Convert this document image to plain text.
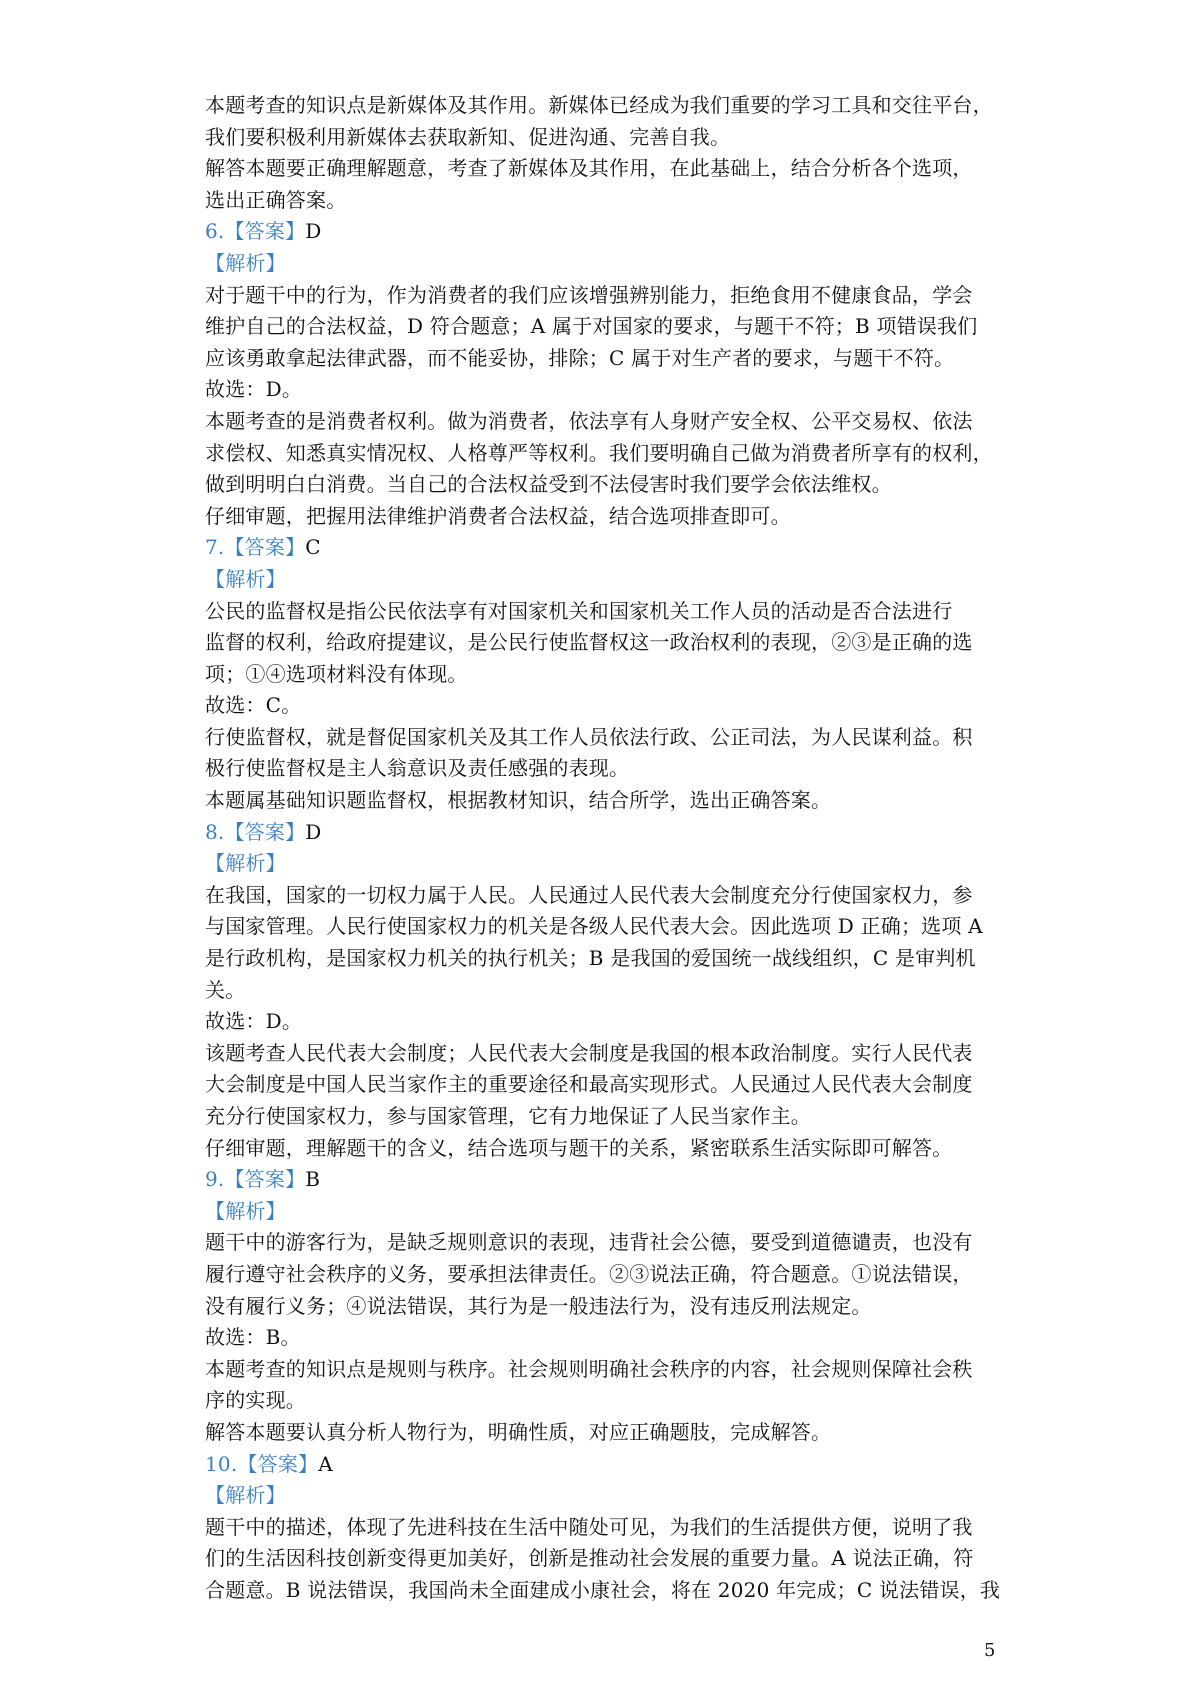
本题考查的知识点是新媒体及其作用。新媒体已经成为我们重要的学习工具和交往平台，
我们要积极利用新媒体去获取新知、促进沟通、完善自我。
解答本题要正确理解题意，考查了新媒体及其作用，在此基础上，结合分析各个选项，
选出正确答案。
6.【答案】D
【解析】
对于题干中的行为，作为消费者的我们应该增强辨别能力，拒绝食用不健康食品，学会
维护自己的合法权益，D 符合题意；A 属于对国家的要求，与题干不符；B 项错误我们
应该勇敢拿起法律武器，而不能妥协，排除；C 属于对生产者的要求，与题干不符。
故选：D。
本题考查的是消费者权利。做为消费者，依法享有人身财产安全权、公平交易权、依法
求偿权、知悉真实情况权、人格尊严等权利。我们要明确自己做为消费者所享有的权利，
做到明明白白消费。当自己的合法权益受到不法侵害时我们要学会依法维权。
仔细审题，把握用法律维护消费者合法权益，结合选项排查即可。
7.【答案】C
【解析】
公民的监督权是指公民依法享有对国家机关和国家机关工作人员的活动是否合法进行
监督的权利，给政府提建议，是公民行使监督权这一政治权利的表现，②③是正确的选
项；①④选项材料没有体现。
故选：C。
行使监督权，就是督促国家机关及其工作人员依法行政、公正司法，为人民谋利益。积
极行使监督权是主人翁意识及责任感强的表现。
本题属基础知识题监督权，根据教材知识，结合所学，选出正确答案。
8.【答案】D
【解析】
在我国，国家的一切权力属于人民。人民通过人民代表大会制度充分行使国家权力，参
与国家管理。人民行使国家权力的机关是各级人民代表大会。因此选项 D 正确；选项 A
是行政机构，是国家权力机关的执行机关；B 是我国的爱国统一战线组织，C 是审判机
关。
故选：D。
该题考查人民代表大会制度；人民代表大会制度是我国的根本政治制度。实行人民代表
大会制度是中国人民当家作主的重要途径和最高实现形式。人民通过人民代表大会制度
充分行使国家权力，参与国家管理，它有力地保证了人民当家作主。
仔细审题，理解题干的含义，结合选项与题干的关系，紧密联系生活实际即可解答。
9.【答案】B
【解析】
题干中的游客行为，是缺乏规则意识的表现，违背社会公德，要受到道德谴责，也没有
履行遵守社会秩序的义务，要承担法律责任。②③说法正确，符合题意。①说法错误，
没有履行义务；④说法错误，其行为是一般违法行为，没有违反刑法规定。
故选：B。
本题考查的知识点是规则与秩序。社会规则明确社会秩序的内容，社会规则保障社会秩
序的实现。
解答本题要认真分析人物行为，明确性质，对应正确题肢，完成解答。
10.【答案】A
【解析】
题干中的描述，体现了先进科技在生活中随处可见，为我们的生活提供方便，说明了我
们的生活因科技创新变得更加美好，创新是推动社会发展的重要力量。A 说法正确，符
合题意。B 说法错误，我国尚未全面建成小康社会，将在 2020 年完成；C 说法错误，我
5
